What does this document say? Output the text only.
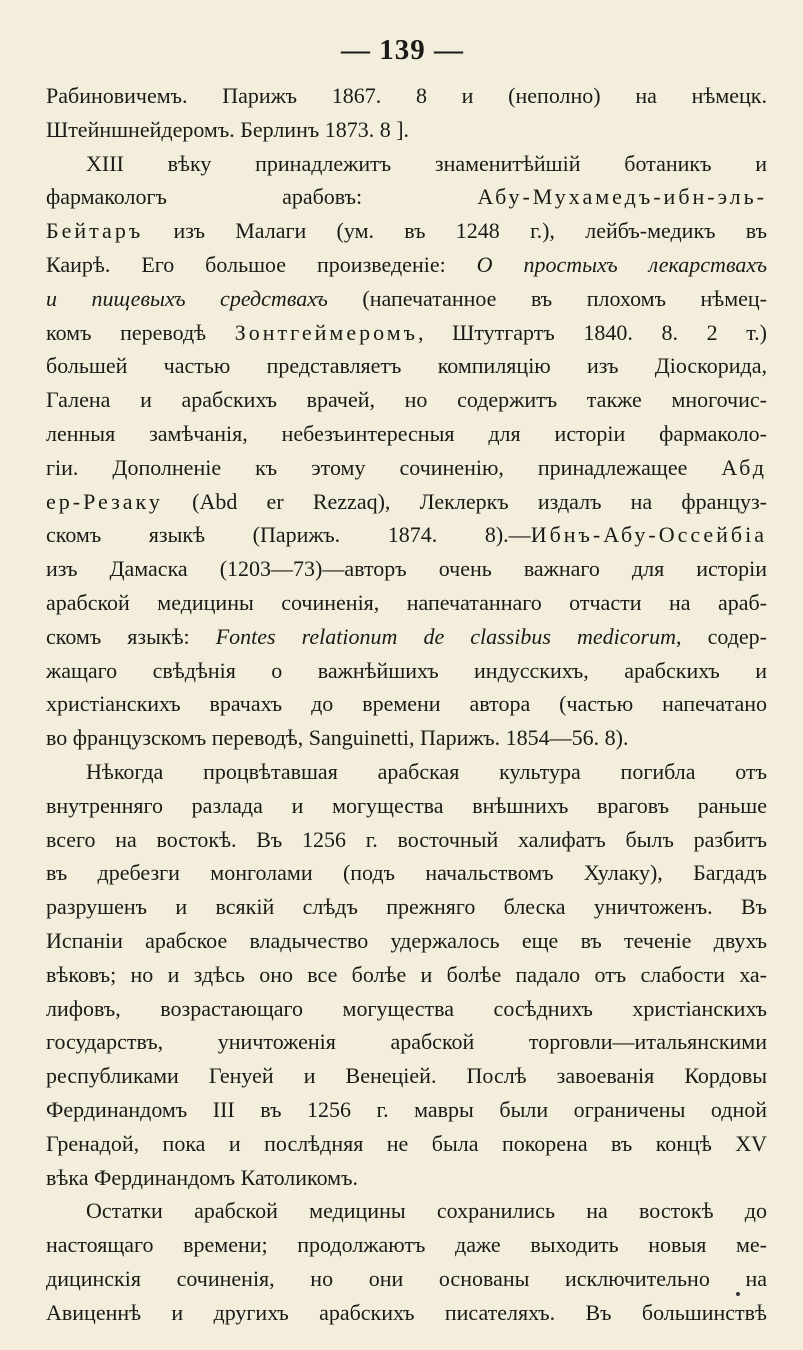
— 139 —
Рабиновичемъ. Парижъ 1867. 8 и (неполно) на нѣмецк.
Штейншнейдеромъ. Берлинъ 1873. 8 ].
XIII вѣку принадлежитъ знаменитѣйшій ботаникъ и
фармакологъ арабовъ: Абу-Мухамедъ-ибн-эль-
Бейтаръ изъ Малаги (ум. въ 1248 г.), лейбъ-медикъ въ
Каирѣ. Его большое произведеніе: О простыхъ лекарствахъ
и пищевыхъ средствахъ (напечатанное въ плохомъ нѣмец-
комъ переводѣ Зонтгеймеромъ, Штутгартъ 1840. 8. 2 т.)
большей частью представляетъ компиляцію изъ Діоскорида,
Галена и арабскихъ врачей, но содержитъ также многочис-
ленныя замѣчанія, небезъинтересныя для исторіи фармаколо-
гіи. Дополненіе къ этому сочиненію, принадлежащее Абд
ер-Резаку (Abd er Rezzaq), Леклеркъ издалъ на француз-
скомъ языкѣ (Парижъ. 1874. 8).—Ибнъ-Абу-Оссейбіа
изъ Дамаска (1203—73)—авторъ очень важнаго для исторіи
арабской медицины сочиненія, напечатаннаго отчасти на араб-
скомъ языкѣ: Fontes relationum de classibus medicorum, содер-
жащаго свѣдѣнія о важнѣйшихъ индусскихъ, арабскихъ и
христіанскихъ врачахъ до времени автора (частью напечатано
во французскомъ переводѣ, Sanguinetti, Парижъ. 1854—56. 8).
Нѣкогда процвѣтавшая арабская культура погибла отъ
внутренняго разлада и могущества внѣшнихъ враговъ раньше
всего на востокѣ. Въ 1256 г. восточный халифатъ былъ разбитъ
въ дребезги монголами (подъ начальствомъ Хулаку), Багдадъ
разрушенъ и всякій слѣдъ прежняго блеска уничтоженъ. Въ
Испаніи арабское владычество удержалось еще въ теченіе двухъ
вѣковъ; но и здѣсь оно все болѣе и болѣе падало отъ слабости ха-
лифовъ, возрастающаго могущества сосѣднихъ христіанскихъ
государствъ, уничтоженія арабской торговли—итальянскими
республиками Генуей и Венеціей. Послѣ завоеванія Кордовы
Фердинандомъ III въ 1256 г. мавры были ограничены одной
Гренадой, пока и послѣдняя не была покорена въ концѣ XV
вѣка Фердинандомъ Католикомъ.
Остатки арабской медицины сохранились на востокѣ до
настоящаго времени; продолжаютъ даже выходить новыя ме-
дицинскія сочиненія, но они основаны исключительно на
Авиценнѣ и другихъ арабскихъ писателяхъ. Въ большинствѣ
